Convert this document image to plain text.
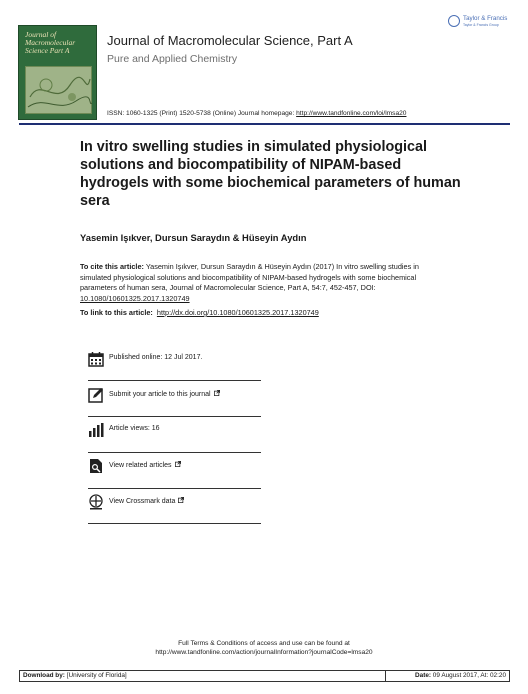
Journal of Macromolecular Science Part A
Journal of Macromolecular Science, Part A
Pure and Applied Chemistry
Taylor & Francis
Taylor & Francis Group
ISSN: 1060-1325 (Print) 1520-5738 (Online) Journal homepage: http://www.tandfonline.com/loi/lmsa20
In vitro swelling studies in simulated physiological solutions and biocompatibility of NIPAM-based hydrogels with some biochemical parameters of human sera
Yasemin Işıkver, Dursun Saraydın & Hüseyin Aydın
To cite this article: Yasemin Işıkver, Dursun Saraydın & Hüseyin Aydın (2017) In vitro swelling studies in simulated physiological solutions and biocompatibility of NIPAM-based hydrogels with some biochemical parameters of human sera, Journal of Macromolecular Science, Part A, 54:7, 452-457, DOI: 10.1080/10601325.2017.1320749
To link to this article: http://dx.doi.org/10.1080/10601325.2017.1320749
Published online: 12 Jul 2017.
Submit your article to this journal
Article views: 16
View related articles
View Crossmark data
Full Terms & Conditions of access and use can be found at
http://www.tandfonline.com/action/journalInformation?journalCode=lmsa20
Download by: [University of Florida]	Date: 09 August 2017, At: 02:20
